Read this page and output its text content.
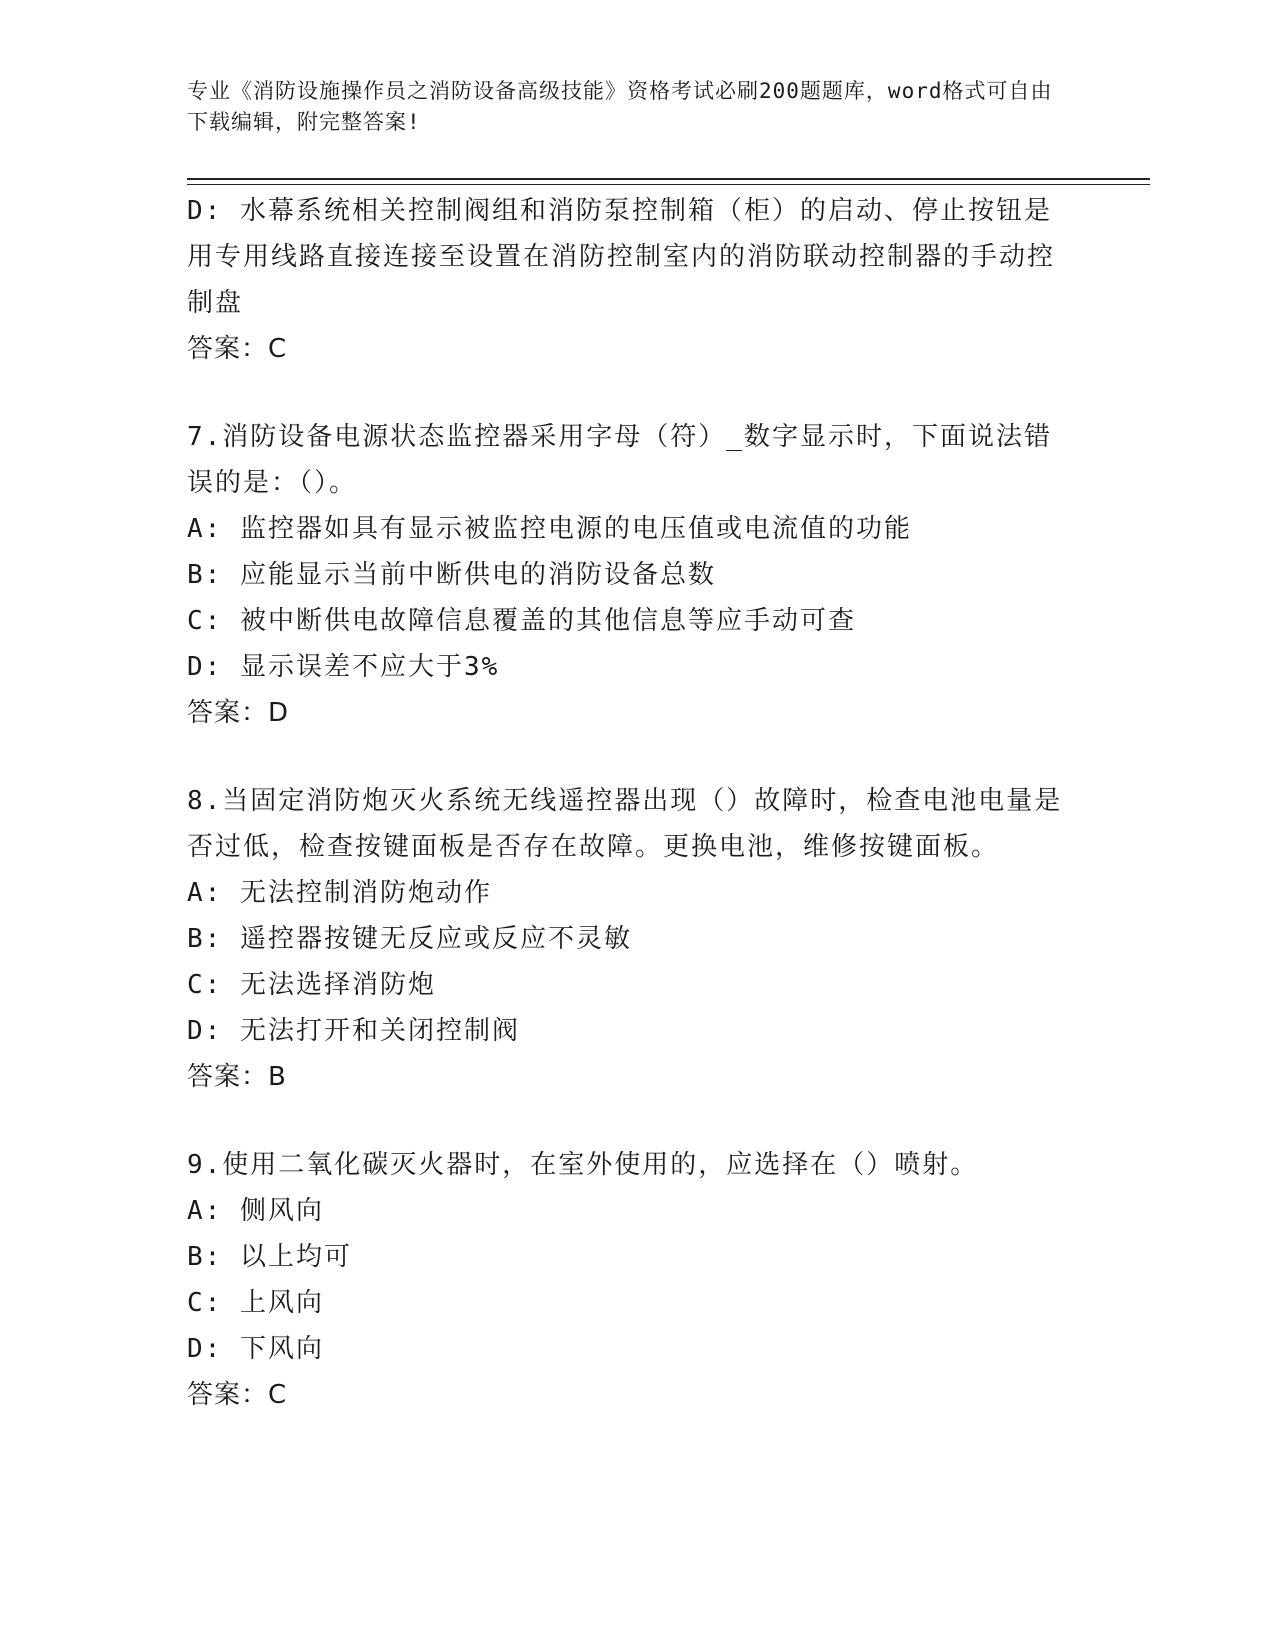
专业《消防设施操作员之消防设备高级技能》资格考试必刷200题题库，word格式可自由下载编辑，附完整答案!
D: 水幕系统相关控制阀组和消防泵控制箱（柜）的启动、停止按钮是用专用线路直接连接至设置在消防控制室内的消防联动控制器的手动控制盘
答案：C
7.消防设备电源状态监控器采用字母（符）_数字显示时，下面说法错误的是：（）。
A: 监控器如具有显示被监控电源的电压值或电流值的功能
B: 应能显示当前中断供电的消防设备总数
C: 被中断供电故障信息覆盖的其他信息等应手动可查
D: 显示误差不应大于3%
答案：D
8.当固定消防炮灭火系统无线遥控器出现（）故障时，检查电池电量是否过低，检查按键面板是否存在故障。更换电池，维修按键面板。
A: 无法控制消防炮动作
B: 遥控器按键无反应或反应不灵敏
C: 无法选择消防炮
D: 无法打开和关闭控制阀
答案：B
9.使用二氧化碳灭火器时，在室外使用的，应选择在（）喷射。
A: 侧风向
B: 以上均可
C: 上风向
D: 下风向
答案：C
